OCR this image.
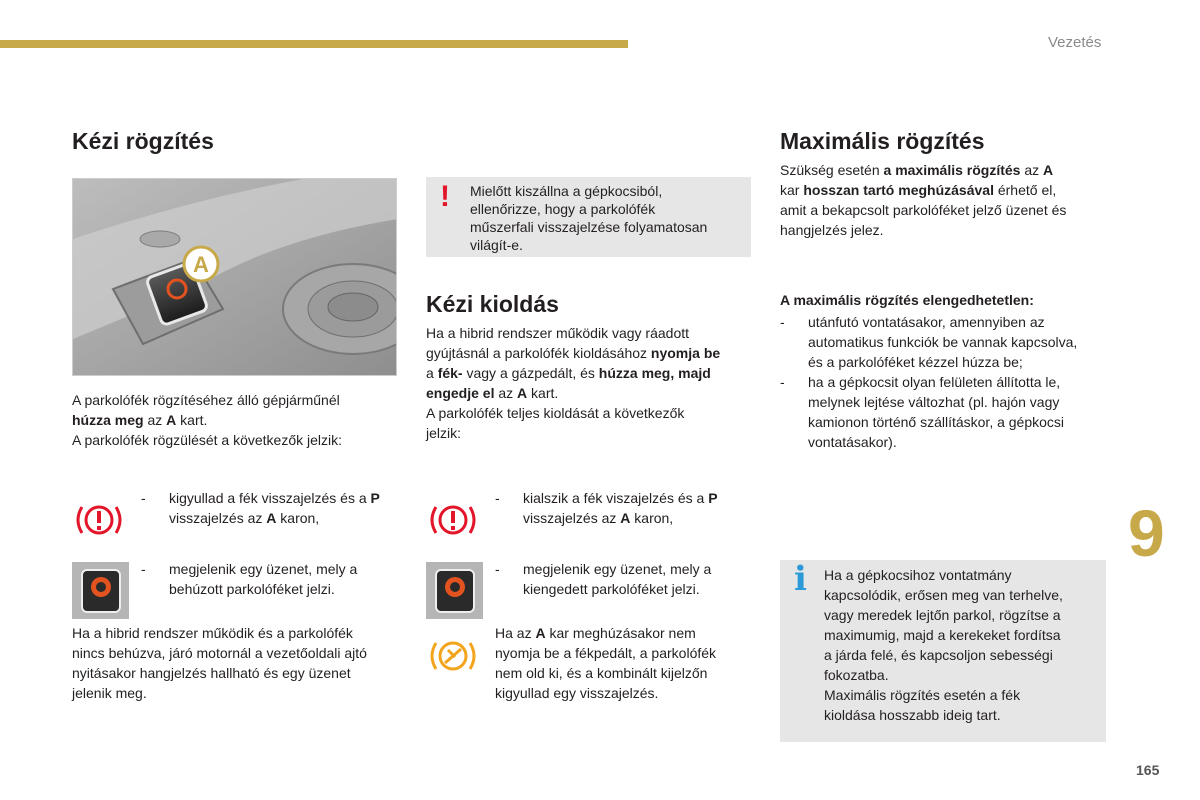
Vezetés
9
165
Kézi rögzítés
A
A parkolófék rögzítéséhez álló gépjárműnél
húzza meg az A kart.
A parkolófék rögzülését a következők jelzik:
- kigyullad a fék visszajelzés és a P
visszajelzés az A karon,
- megjelenik egy üzenet, mely a
behúzott parkolóféket jelzi.
Ha a hibrid rendszer működik és a parkolófék
nincs behúzva, járó motornál a vezetőoldali ajtó
nyitásakor hangjelzés hallható és egy üzenet
jelenik meg.
! Mielőtt kiszállna a gépkocsiból,
ellenőrizze, hogy a parkolófék
műszerfali visszajelzése folyamatosan
világít-e.
Kézi kioldás
Ha a hibrid rendszer működik vagy ráadott
gyújtásnál a parkolófék kioldásához nyomja be
a fék- vagy a gázpedált, és húzza meg, majd
engedje el az A kart.
A parkolófék teljes kioldását a következők
jelzik:
- kialszik a fék viszajelzés és a P
visszajelzés az A karon,
- megjelenik egy üzenet, mely a
kiengedett parkolóféket jelzi.
Ha az A kar meghúzásakor nem
nyomja be a fékpedált, a parkolófék
nem old ki, és a kombinált kijelzőn
kigyullad egy visszajelzés.
Maximális rögzítés
Szükség esetén a maximális rögzítés az A
kar hosszan tartó meghúzásával érhető el,
amit a bekapcsolt parkolóféket jelző üzenet és
hangjelzés jelez.
A maximális rögzítés elengedhetetlen:
- utánfutó vontatásakor, amennyiben az
automatikus funkciók be vannak kapcsolva,
és a parkolóféket kézzel húzza be;
- ha a gépkocsit olyan felületen állította le,
melynek lejtése változhat (pl. hajón vagy
kamionon történő szállításkor, a gépkocsi
vontatásakor).
i Ha a gépkocsihoz vontatmány
kapcsolódik, erősen meg van terhelve,
vagy meredek lejtőn parkol, rögzítse a
maximumig, majd a kerekeket fordítsa
a járda felé, és kapcsoljon sebességi
fokozatba.
Maximális rögzítés esetén a fék
kioldása hosszabb ideig tart.
